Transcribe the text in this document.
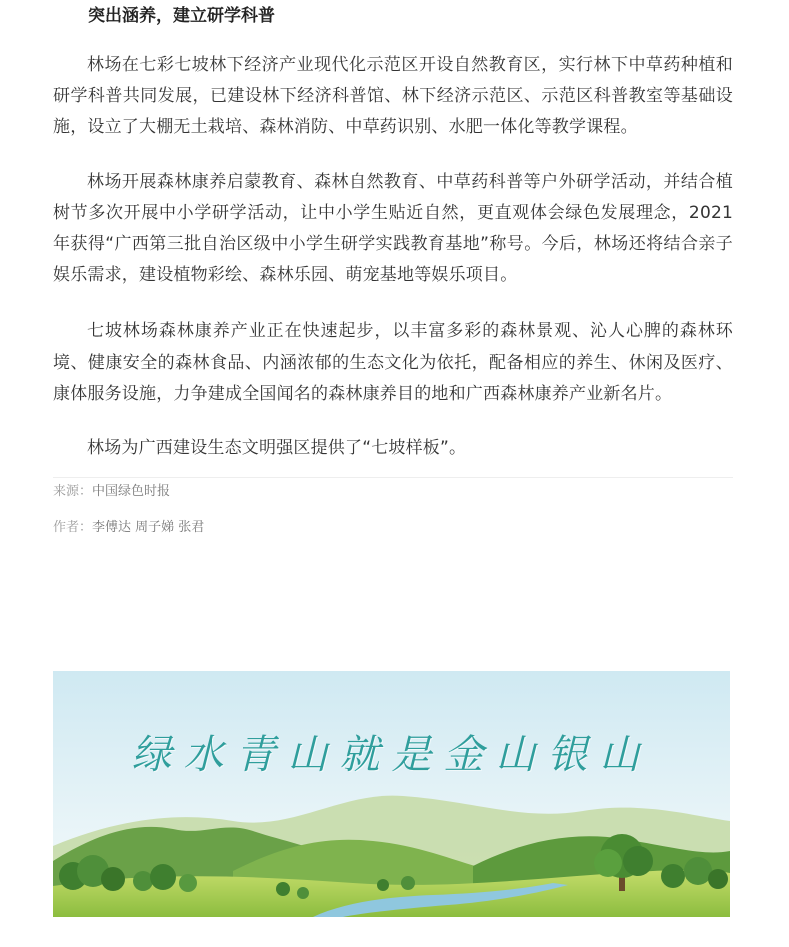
突出涵养，建立研学科普

林场在七彩七坡林下经济产业现代化示范区开设自然教育区，实行林下中草药种植和研学科普共同发展，已建设林下经济科普馆、林下经济示范区、示范区科普教室等基础设施，设立了大棚无土栽培、森林消防、中草药识别、水肥一体化等教学课程。

林场开展森林康养启蒙教育、森林自然教育、中草药科普等户外研学活动，并结合植树节多次开展中小学研学活动，让中小学生贴近自然，更直观体会绿色发展理念，2021年获得“广西第三批自治区级中小学生研学实践教育基地”称号。今后，林场还将结合亲子娱乐需求，建设植物彩绘、森林乐园、萌宠基地等娱乐项目。

七坡林场森林康养产业正在快速起步，以丰富多彩的森林景观、沁人心脾的森林环境、健康安全的森林食品、内涵浓郁的生态文化为依托，配备相应的养生、休闲及医疗、康体服务设施，力争建成全国闻名的森林康养目的地和广西森林康养产业新名片。

林场为广西建设生态文明强区提供了“七坡样板”。

来源：中国绿色时报

作者：李傅达 周子娣 张君

绿水青山就是金山银山
